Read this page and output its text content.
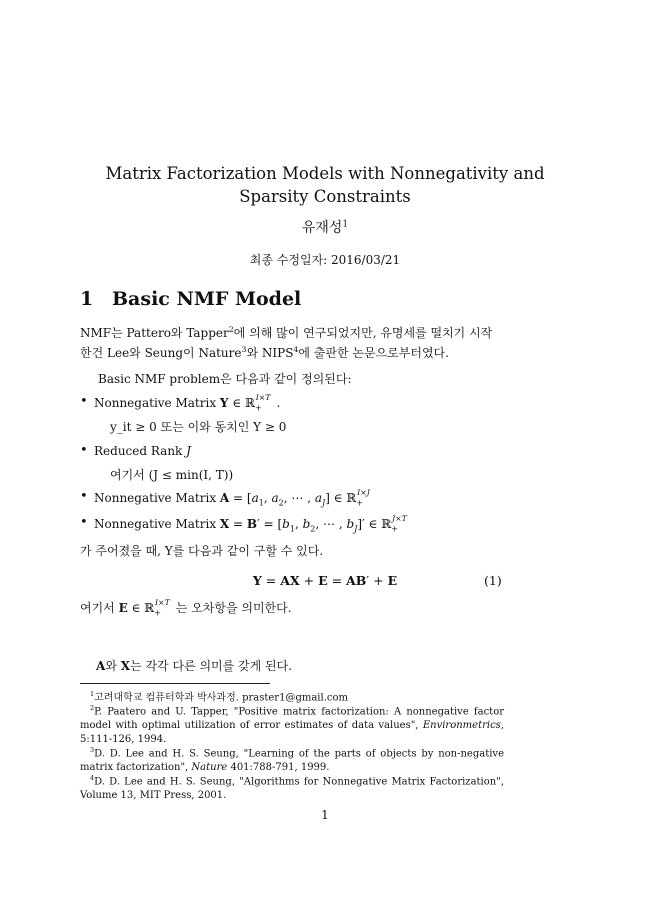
Matrix Factorization Models with Nonnegativity and
Sparsity Constraints
유재성$^1$
최종 수정일자: 2016/03/21
1 Basic NMF Model
NMF는 Pattero와 Tapper$^2$에 의해 많이 연구되었지만, 유명세를 떨치기 시작
한건 Lee와 Seung이 Nature$^3$와 NIPS$^4$에 출판한 논문으로부터였다.
Basic NMF problem은 다음과 같이 정의된다:
• Nonnegative Matrix Y ∈ ℝ$_+^{I\times T}$ .
y_it ≥ 0 또는 이와 동치인 Y ≥ 0
• Reduced Rank J
여기서 (J ≤ min(I, T))
• Nonnegative Matrix $A = [a_1$, $a_2$, ⋯ , $a_J$] ∈ ℝ$_+^{I\times J}$
• Nonnegative Matrix $X = B' = [b_1$, $b_2$, ⋯ , $b_J]'$ ∈ ℝ$_+^{J\times T}$
가 주어졌을 때, Y를 다음과 같이 구할 수 있다.
Y = AX + E = AB′ + E	(1)
여기서 E ∈ ℝ$_+^{I\times T}$ 는 오차항을 의미한다.
A와 X는 각각 다른 의미를 갖게 된다.
$^1$고려대학교 컴퓨터학과 박사과정. praster1@gmail.com
$^2$P. Paatero and U. Tapper, "Positive matrix factorization: A nonnegative factor model with optimal utilization of error estimates of data values", Environmetrics, 5:111-126, 1994.
$^3$D. D. Lee and H. S. Seung, "Learning of the parts of objects by non-negative matrix factorization", Nature 401:788-791, 1999.
$^4$D. D. Lee and H. S. Seung, "Algorithms for Nonnegative Matrix Factorization", Volume 13, MIT Press, 2001.
1
